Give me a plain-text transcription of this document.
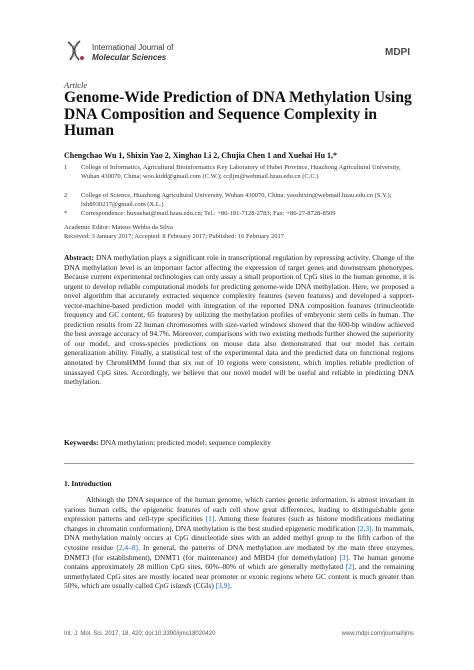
International Journal of
Molecular Sciences	MDPI
Article
Genome-Wide Prediction of DNA Methylation Using DNA Composition and Sequence Complexity in Human
Chengchao Wu 1, Shixin Yao 2, Xinghao Li 2, Chujia Chen 1 and Xuehai Hu 1,*
1	College of Informatics, Agricultural Bioinformatics Key Laboratory of Hubei Province, Huazhong Agricultural University, Wuhan 430070, China; woo.kidd@gmail.com (C.W.); ccjljm@webmail.hzau.edu.cn (C.C.)
2	College of Science, Huazhong Agricultural University, Wuhan 430070, China; yaoshixin@webmail.hzau.edu.cn (S.Y.); lxh8930217@gmail.com (X.L.)
*	Correspondence: huxuehai@mail.hzau.edu.cn; Tel.: +86-181-7128-2783; Fax: +86-27-8728-8509
Academic Editor: Mateus Webba da Silva
Received: 3 January 2017; Accepted: 8 February 2017; Published: 16 February 2017
Abstract: DNA methylation plays a significant role in transcriptional regulation by repressing activity. Change of the DNA methylation level is an important factor affecting the expression of target genes and downstream phenotypes. Because current experimental technologies can only assay a small proportion of CpG sites in the human genome, it is urgent to develop reliable computational models for predicting genome-wide DNA methylation. Here, we proposed a novel algorithm that accurately extracted sequence complexity features (seven features) and developed a support-vector-machine-based prediction model with integration of the reported DNA composition features (trinucleotide frequency and GC content, 65 features) by utilizing the methylation profiles of embryonic stem cells in human. The prediction results from 22 human chromosomes with size-varied windows showed that the 600-bp window achieved the best average accuracy of 94.7%. Moreover, comparisons with two existing methods further showed the superiority of our model, and cross-species predictions on mouse data also demonstrated that our model has certain generalization ability. Finally, a statistical test of the experimental data and the predicted data on functional regions annotated by ChromHMM found that six out of 10 regions were consistent, which implies reliable prediction of unassayed CpG sites. Accordingly, we believe that our novel model will be useful and reliable in predicting DNA methylation.
Keywords: DNA methylation; predicted model; sequence complexity
1. Introduction
Although the DNA sequence of the human genome, which carries genetic information, is almost invariant in various human cells, the epigenetic features of each cell show great differences, leading to distinguishable gene expression patterns and cell-type specificities [1]. Among these features (such as histone modifications mediating changes in chromatin conformation), DNA methylation is the best studied epigenetic modification [2,3]. In mammals, DNA methylation mainly occurs at CpG dinucleotide sites with an added methyl group to the fifth carbon of the cytosine residue [2,4–8]. In general, the patterns of DNA methylation are mediated by the main three enzymes, DNMT3 (for establishment), DNMT1 (for maintenance) and MBD4 (for demethylation) [3]. The human genome contains approximately 28 million CpG sites, 60%–80% of which are generally methylated [2], and the remaining unmethylated CpG sites are mostly located near promoter or exonic regions where GC content is much greater than 50%, which are usually called CpG islands (CGIs) [3,9].
Int. J. Mol. Sci. 2017, 18, 420; doi:10.3390/ijms18020420	www.mdpi.com/journal/ijms
